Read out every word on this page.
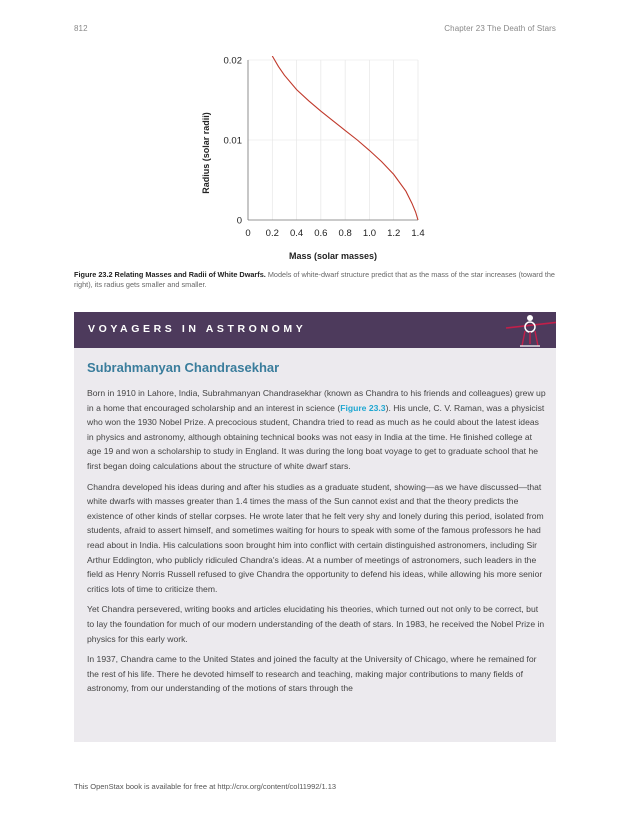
812	Chapter 23 The Death of Stars
0
0.01
0.02
0 0.2 0.4 0.6 0.8 1.0 1.2 1.4
Mass (solar masses)
Radius (solar radii)
Figure 23.2 Relating Masses and Radii of White Dwarfs. Models of white-dwarf structure predict that as the mass of the star increases (toward the right), its radius gets smaller and smaller.
VOYAGERS IN ASTRONOMY
Subrahmanyan Chandrasekhar

Born in 1910 in Lahore, India, Subrahmanyan Chandrasekhar (known as Chandra to his friends and colleagues) grew up in a home that encouraged scholarship and an interest in science (Figure 23.3). His uncle, C. V. Raman, was a physicist who won the 1930 Nobel Prize. A precocious student, Chandra tried to read as much as he could about the latest ideas in physics and astronomy, although obtaining technical books was not easy in India at the time. He finished college at age 19 and won a scholarship to study in England. It was during the long boat voyage to get to graduate school that he first began doing calculations about the structure of white dwarf stars.

Chandra developed his ideas during and after his studies as a graduate student, showing—as we have discussed—that white dwarfs with masses greater than 1.4 times the mass of the Sun cannot exist and that the theory predicts the existence of other kinds of stellar corpses. He wrote later that he felt very shy and lonely during this period, isolated from students, afraid to assert himself, and sometimes waiting for hours to speak with some of the famous professors he had read about in India. His calculations soon brought him into conflict with certain distinguished astronomers, including Sir Arthur Eddington, who publicly ridiculed Chandra's ideas. At a number of meetings of astronomers, such leaders in the field as Henry Norris Russell refused to give Chandra the opportunity to defend his ideas, while allowing his more senior critics lots of time to criticize them.

Yet Chandra persevered, writing books and articles elucidating his theories, which turned out not only to be correct, but to lay the foundation for much of our modern understanding of the death of stars. In 1983, he received the Nobel Prize in physics for this early work.

In 1937, Chandra came to the United States and joined the faculty at the University of Chicago, where he remained for the rest of his life. There he devoted himself to research and teaching, making major contributions to many fields of astronomy, from our understanding of the motions of stars through the

This OpenStax book is available for free at http://cnx.org/content/col11992/1.13
